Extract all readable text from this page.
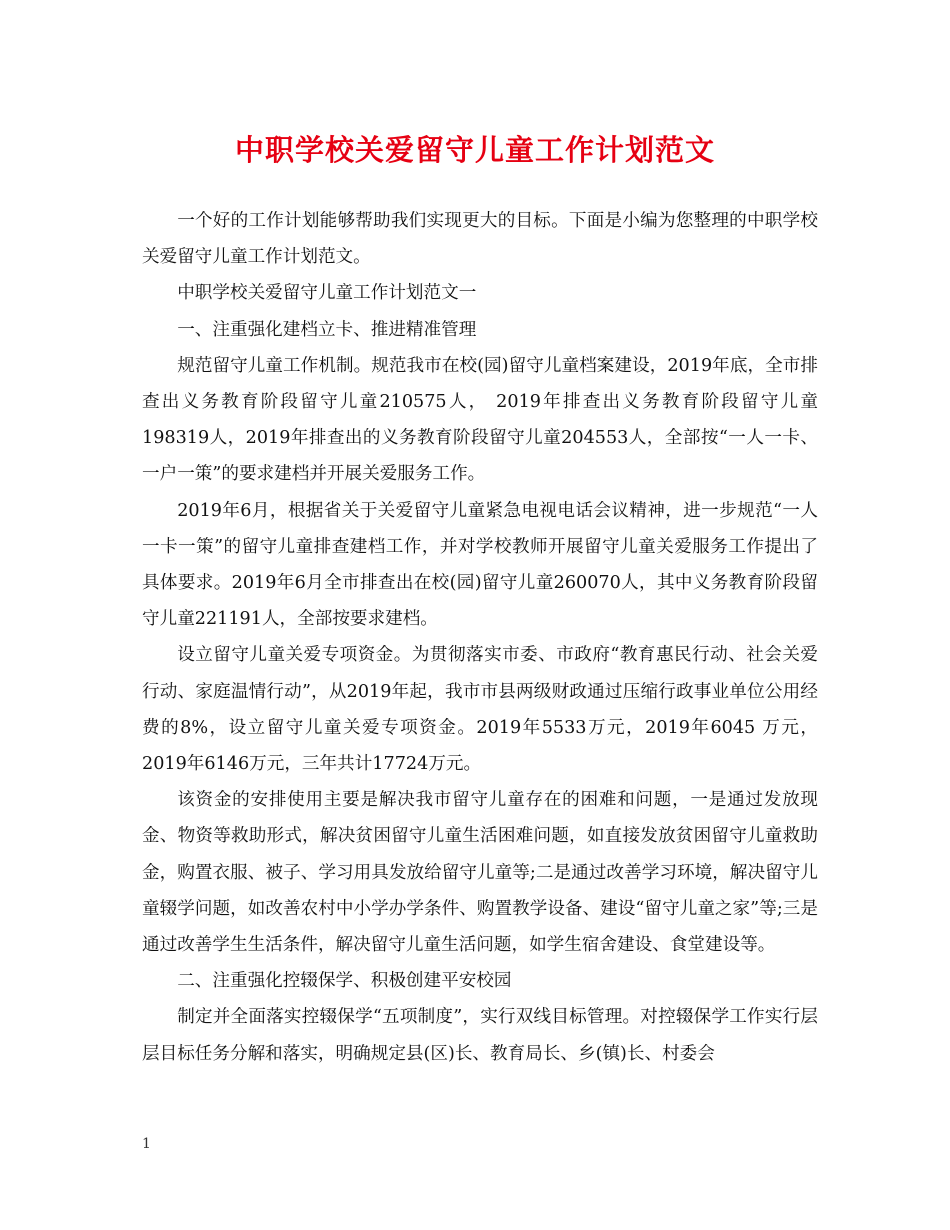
中职学校关爱留守儿童工作计划范文

一个好的工作计划能够帮助我们实现更大的目标。下面是小编为您整理的中职学校关爱留守儿童工作计划范文。

中职学校关爱留守儿童工作计划范文一

一、注重强化建档立卡、推进精准管理

规范留守儿童工作机制。规范我市在校(园)留守儿童档案建设，2019年底，全市排查出义务教育阶段留守儿童210575人， 2019年排查出义务教育阶段留守儿童198319人，2019年排查出的义务教育阶段留守儿童204553人，全部按“一人一卡、一户一策”的要求建档并开展关爱服务工作。

2019年6月，根据省关于关爱留守儿童紧急电视电话会议精神，进一步规范“一人一卡一策”的留守儿童排查建档工作，并对学校教师开展留守儿童关爱服务工作提出了具体要求。2019年6月全市排查出在校(园)留守儿童260070人，其中义务教育阶段留守儿童221191人，全部按要求建档。

设立留守儿童关爱专项资金。为贯彻落实市委、市政府“教育惠民行动、社会关爱行动、家庭温情行动”，从2019年起，我市市县两级财政通过压缩行政事业单位公用经费的8%，设立留守儿童关爱专项资金。2019年5533万元，2019年6045 万元，2019年6146万元，三年共计17724万元。

该资金的安排使用主要是解决我市留守儿童存在的困难和问题，一是通过发放现金、物资等救助形式，解决贫困留守儿童生活困难问题，如直接发放贫困留守儿童救助金，购置衣服、被子、学习用具发放给留守儿童等;二是通过改善学习环境，解决留守儿童辍学问题，如改善农村中小学办学条件、购置教学设备、建设“留守儿童之家”等;三是通过改善学生生活条件，解决留守儿童生活问题，如学生宿舍建设、食堂建设等。

二、注重强化控辍保学、积极创建平安校园

制定并全面落实控辍保学“五项制度”，实行双线目标管理。对控辍保学工作实行层层目标任务分解和落实，明确规定县(区)长、教育局长、乡(镇)长、村委会

1
